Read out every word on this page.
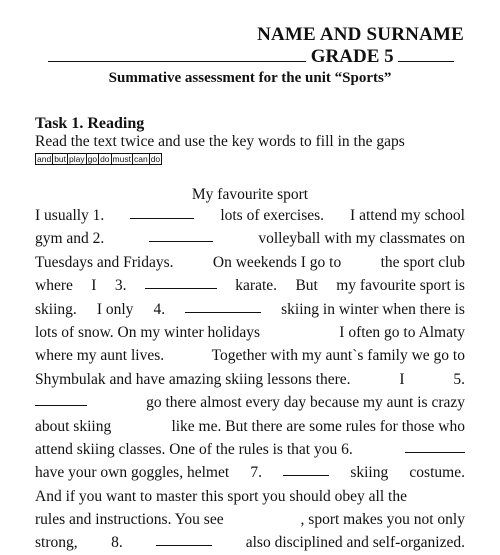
NAME AND SURNAME
GRADE 5
Summative assessment for the unit “Sports”
Task 1. Reading
Read the text twice and use the key words to fill in the gaps
and but play go do must can do
My favourite sport
I usually 1.	lots of exercises. I attend my school
gym and 2.	volleyball with my classmates on
Tuesdays and Fridays.	On weekends I go to	the sport club
where I 3.	karate. But my favourite sport is
skiing. I only 4.	skiing in winter when there is
lots of snow. On my winter holidays	I often go to Almaty
where my aunt lives.	Together with my aunt`s family we go to
Shymbulak and have amazing skiing lessons there.	I	5.
go there almost every day because my aunt is crazy
about skiing	like me. But there are some rules for those who
attend skiing classes. One of the rules is that you 6.
have your own goggles, helmet 7.	skiing costume.
And if you want to master this sport you should obey all the
rules and instructions. You see	, sport makes you not only
strong, 8.	also disciplined and self-organized.
